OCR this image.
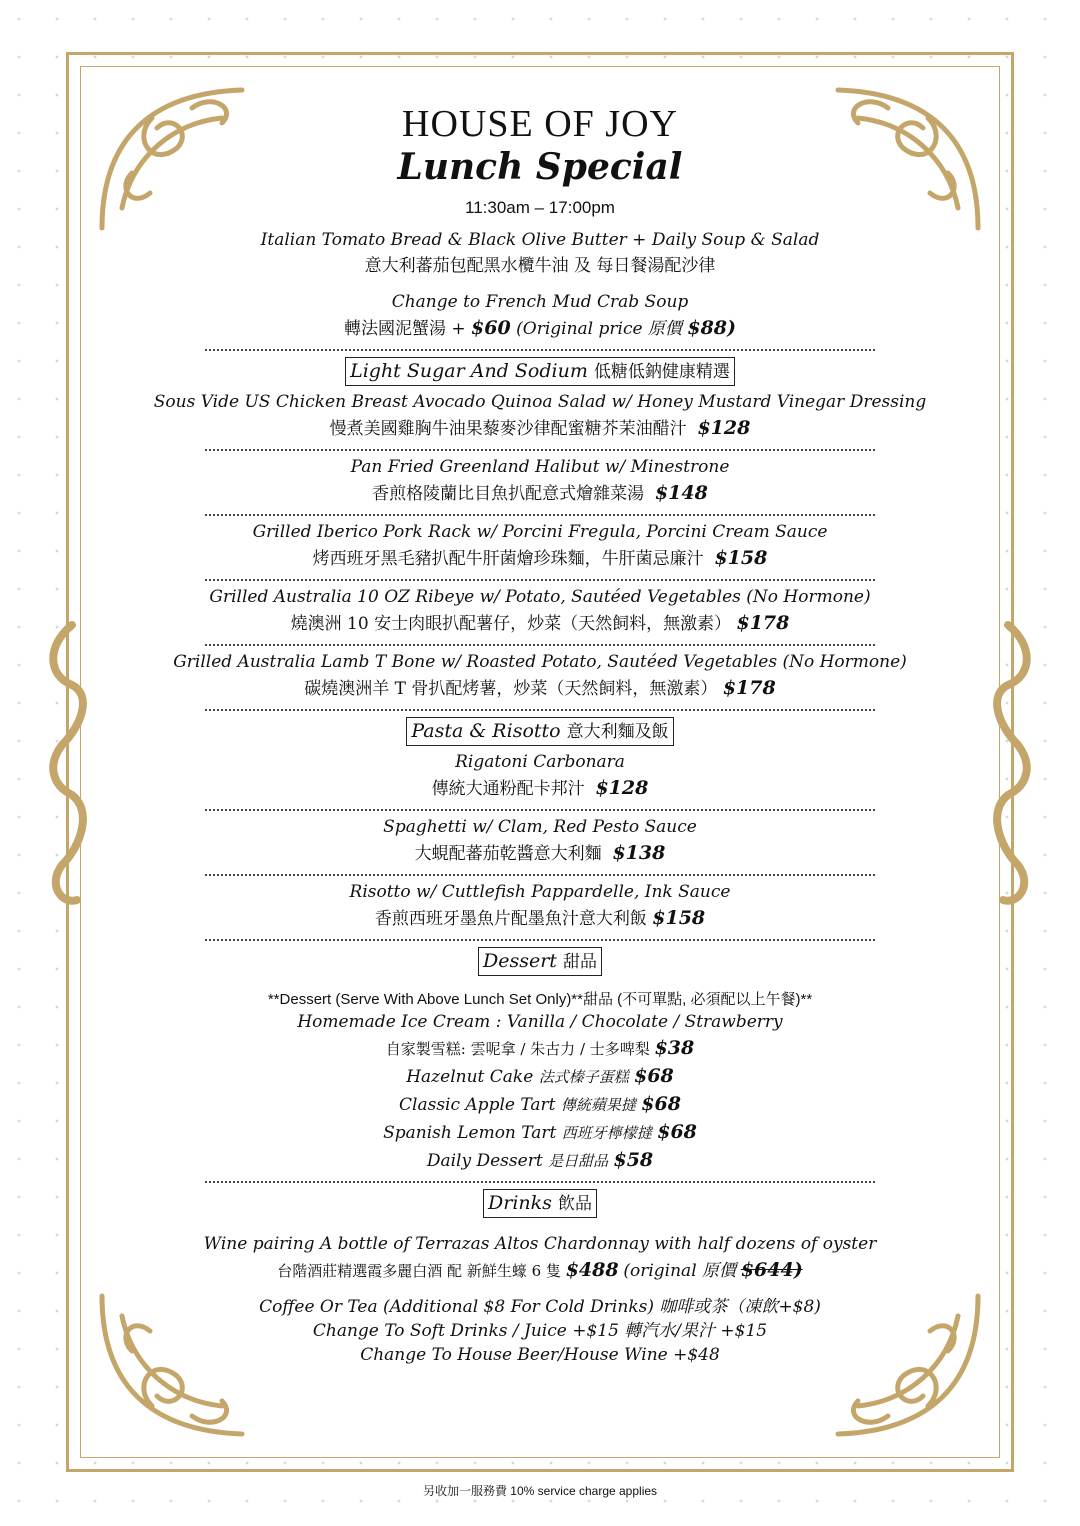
HOUSE OF JOY
Lunch Special
11:30am – 17:00pm
Italian Tomato Bread & Black Olive Butter + Daily Soup & Salad
意大利蕃茄包配黑水欖牛油 及 每日餐湯配沙律
Change to French Mud Crab Soup
轉法國泥蟹湯 + $60 (Original price 原價 $88)
Light Sugar And Sodium 低糖低鈉健康精選
Sous Vide US Chicken Breast Avocado Quinoa Salad w/ Honey Mustard Vinegar Dressing
慢煮美國雞胸牛油果藜麥沙律配蜜糖芥茉油醋汁 $128
Pan Fried Greenland Halibut w/ Minestrone
香煎格陵蘭比目魚扒配意式燴雜菜湯 $148
Grilled Iberico Pork Rack w/ Porcini Fregula, Porcini Cream Sauce
烤西班牙黑毛豬扒配牛肝菌燴珍珠麵，牛肝菌忌廉汁 $158
Grilled Australia 10 OZ Ribeye w/ Potato, Sautéed Vegetables (No Hormone)
燒澳洲 10 安士肉眼扒配薯仔，炒菜（天然飼料，無激素） $178
Grilled Australia Lamb T Bone w/ Roasted Potato, Sautéed Vegetables (No Hormone)
碳燒澳洲羊 T 骨扒配烤薯，炒菜（天然飼料，無激素） $178
Pasta & Risotto 意大利麵及飯
Rigatoni Carbonara
傳統大通粉配卡邦汁 $128
Spaghetti w/ Clam, Red Pesto Sauce
大蜆配蕃茄乾醬意大利麵 $138
Risotto w/ Cuttlefish Pappardelle, Ink Sauce
香煎西班牙墨魚片配墨魚汁意大利飯 $158
Dessert 甜品
**Dessert (Serve With Above Lunch Set Only)**甜品 (不可單點, 必須配以上午餐)**
Homemade Ice Cream : Vanilla / Chocolate / Strawberry
自家製雪糕: 雲呢拿 / 朱古力 / 士多啤梨 $38
Hazelnut Cake 法式榛子蛋糕 $68
Classic Apple Tart 傳統蘋果撻 $68
Spanish Lemon Tart 西班牙檸檬撻 $68
Daily Dessert 是日甜品 $58
Drinks 飲品
Wine pairing A bottle of Terrazas Altos Chardonnay with half dozens of oyster
台階酒莊精選霞多麗白酒 配 新鮮生蠔 6 隻 $488 (original 原價 $644)
Coffee Or Tea (Additional $8 For Cold Drinks) 咖啡或茶（凍飲+$8)
Change To Soft Drinks / Juice +$15 轉汽水/果汁 +$15
Change To House Beer/House Wine +$48
另收加一服務費 10% service charge applies
